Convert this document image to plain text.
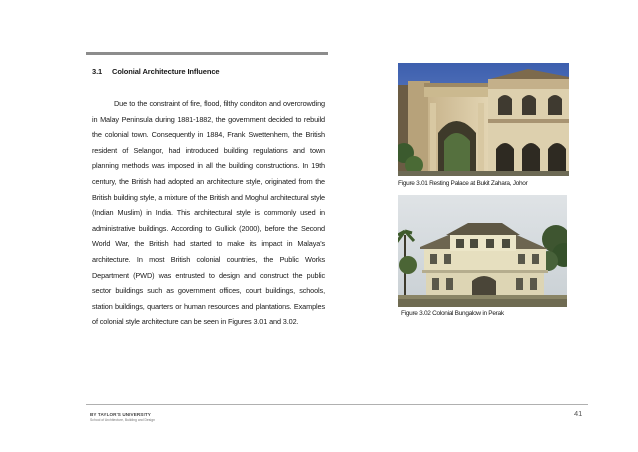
3.1 Colonial Architecture Influence

Due to the constraint of fire, flood, filthy conditon and overcrowding in Malay Peninsula during 1881-1882, the government decided to rebuild the colonial town. Consequently in 1884, Frank Swettenhem, the British resident of Selangor, had introduced building regulations and town planning methods was imposed in all the building constructions. In 19th century, the British had adopted an architecture style, originated from the British building style, a mixture of the British and Moghul architectural style (Indian Muslim) in India. This architectural style is commonly used in administrative buildings. According to Gullick (2000), before the Second World War, the British had started to make its impact in Malaya's architecture. In most British colonial countries, the Public Works Department (PWD) was entrusted to design and construct the public sector buildings such as government offices, court buildings, schools, station buildings, quarters or human resources and plantations. Examples of colonial style architecture can be seen in Figures 3.01 and 3.02.

Figure 3.01 Resting Palace at Bukit Zahara, Johor
Figure 3.02 Colonial Bungalow in Perak
BY TAYLOR'S UNIVERSITY
School of Architecture, Building and Design
41
